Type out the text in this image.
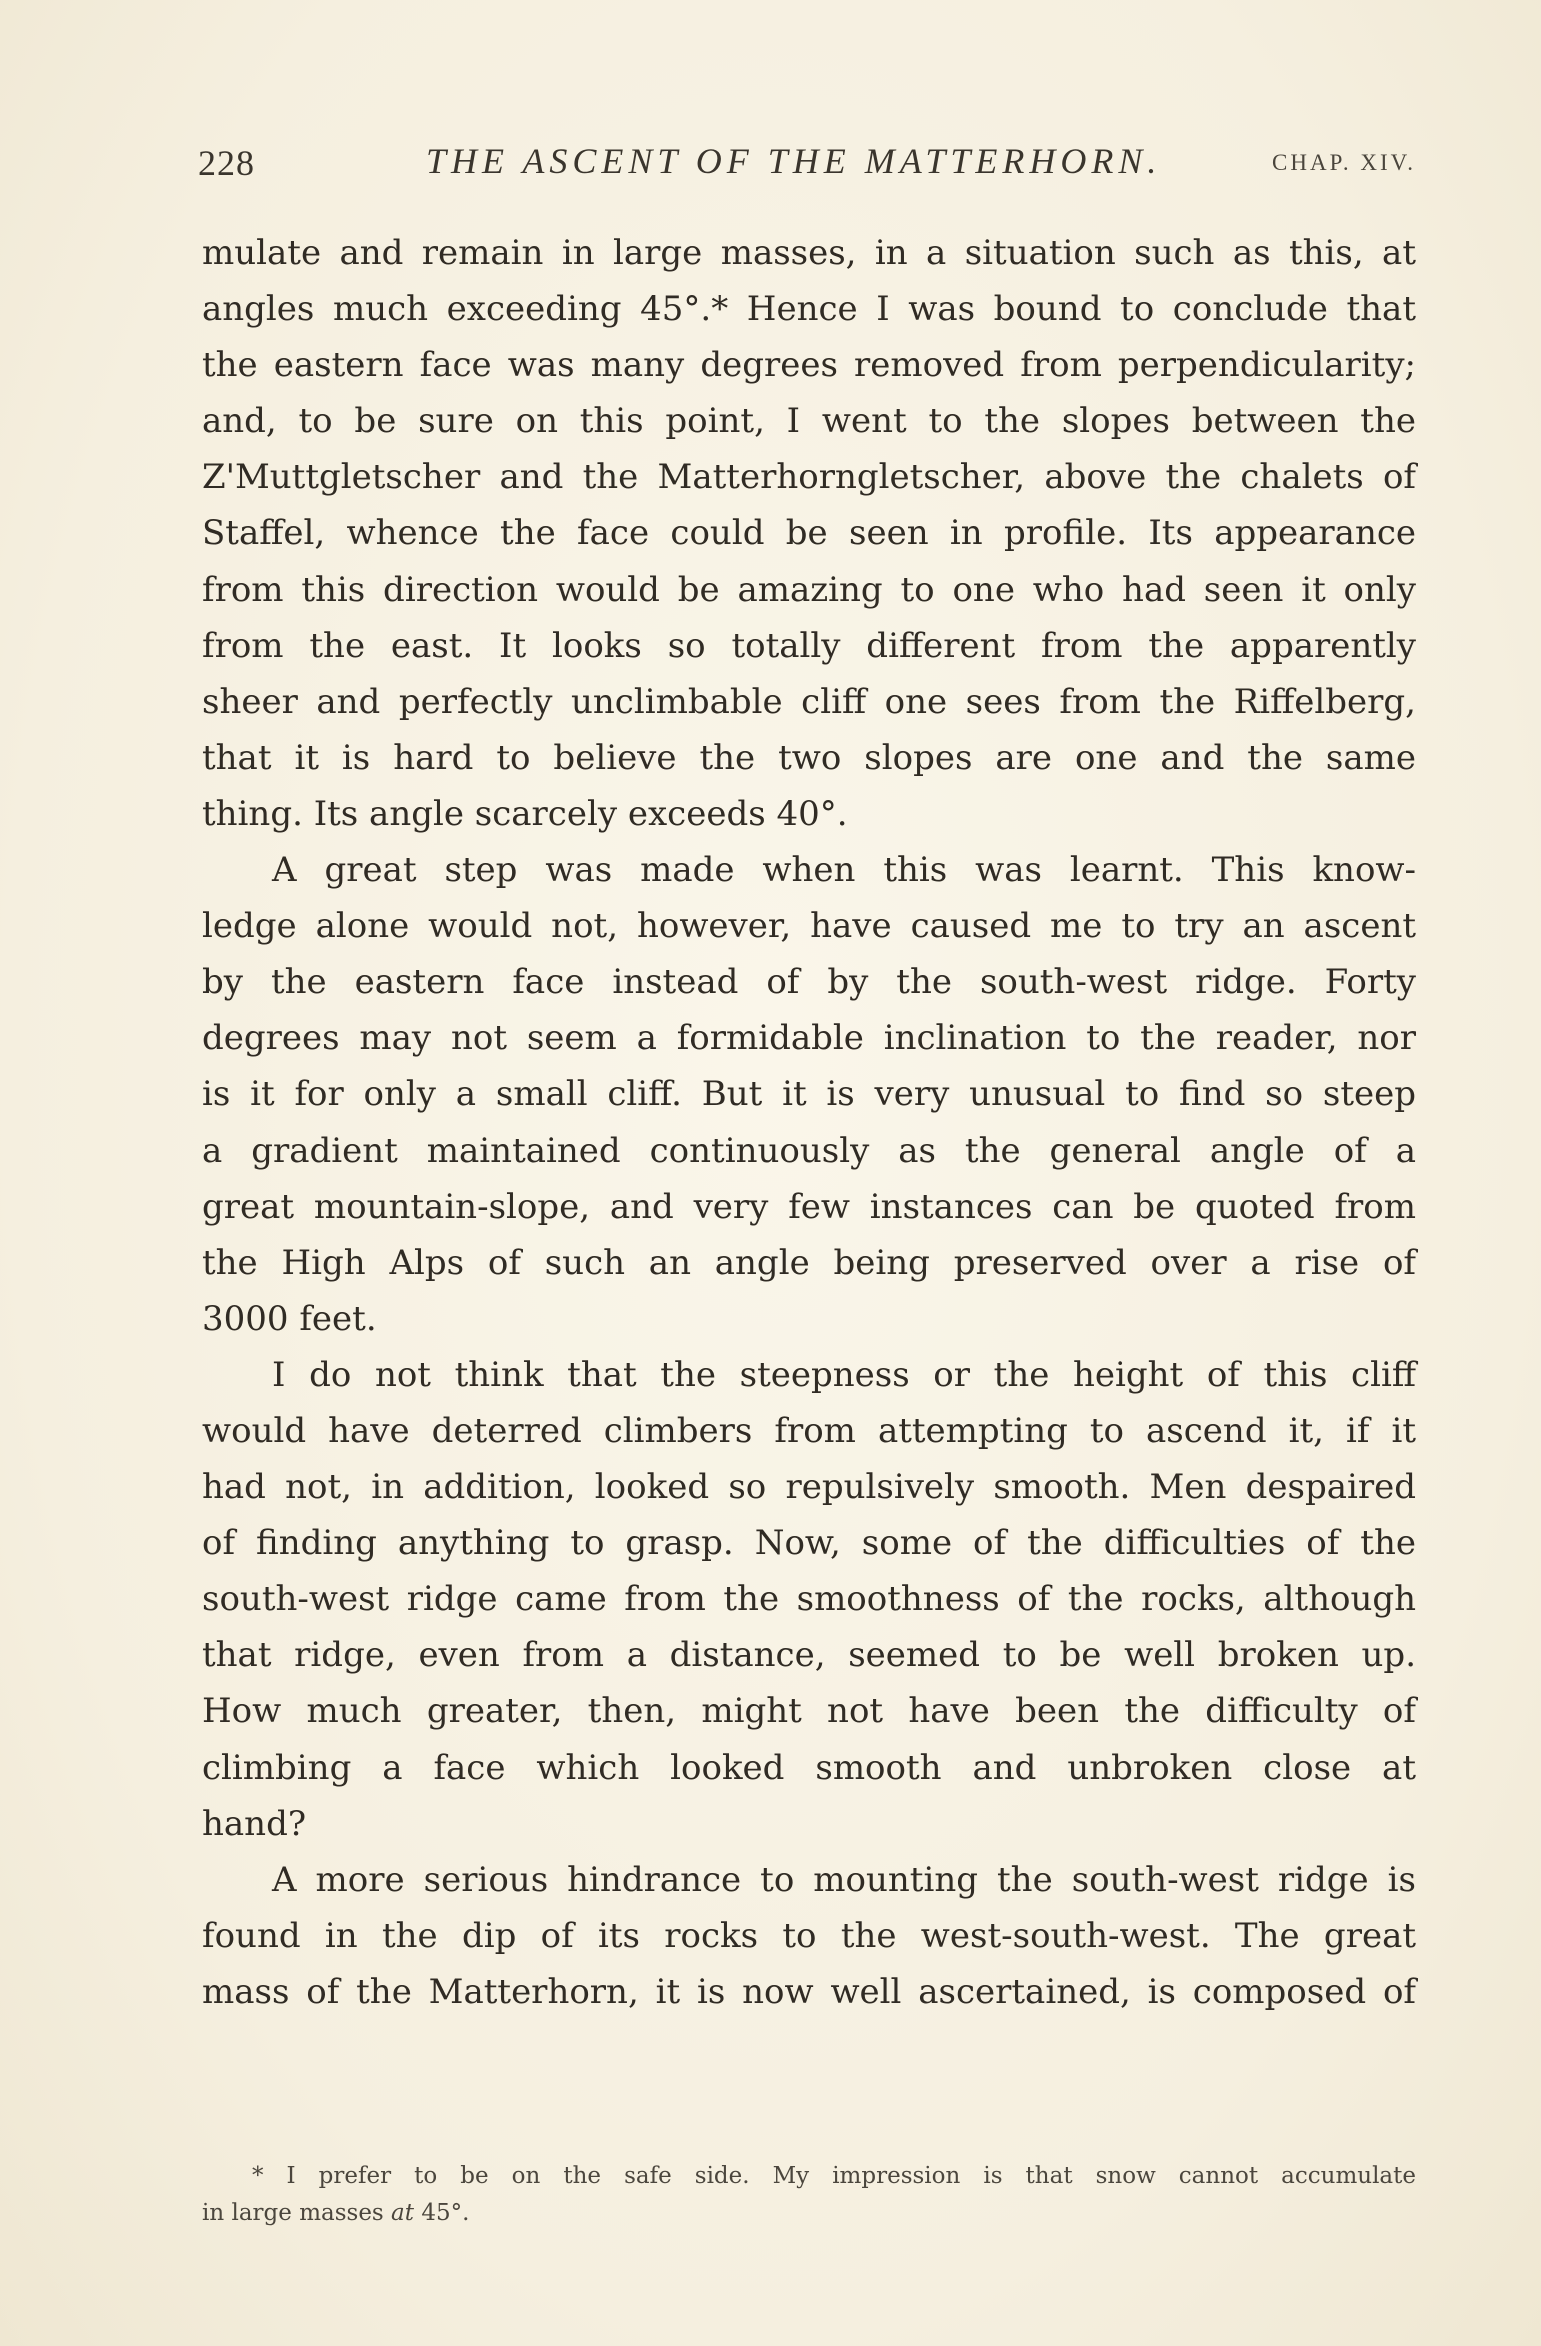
228	THE ASCENT OF THE MATTERHORN.	CHAP. XIV.
mulate and remain in large masses, in a situation such as this, at
angles much exceeding 45°.* Hence I was bound to conclude that
the eastern face was many degrees removed from perpendicularity;
and, to be sure on this point, I went to the slopes between the
Z'Muttgletscher and the Matterhorngletscher, above the chalets of
Staffel, whence the face could be seen in profile. Its appearance
from this direction would be amazing to one who had seen it only
from the east. It looks so totally different from the apparently
sheer and perfectly unclimbable cliff one sees from the Riffelberg,
that it is hard to believe the two slopes are one and the same
thing. Its angle scarcely exceeds 40°.
A great step was made when this was learnt. This know-
ledge alone would not, however, have caused me to try an ascent
by the eastern face instead of by the south-west ridge. Forty
degrees may not seem a formidable inclination to the reader, nor
is it for only a small cliff. But it is very unusual to find so steep
a gradient maintained continuously as the general angle of a
great mountain-slope, and very few instances can be quoted from
the High Alps of such an angle being preserved over a rise of
3000 feet.
I do not think that the steepness or the height of this cliff
would have deterred climbers from attempting to ascend it, if it
had not, in addition, looked so repulsively smooth. Men despaired
of finding anything to grasp. Now, some of the difficulties of the
south-west ridge came from the smoothness of the rocks, although
that ridge, even from a distance, seemed to be well broken up.
How much greater, then, might not have been the difficulty of
climbing a face which looked smooth and unbroken close at
hand?
A more serious hindrance to mounting the south-west ridge is
found in the dip of its rocks to the west-south-west. The great
mass of the Matterhorn, it is now well ascertained, is composed of
* I prefer to be on the safe side. My impression is that snow cannot accumulate
in large masses at 45°.
